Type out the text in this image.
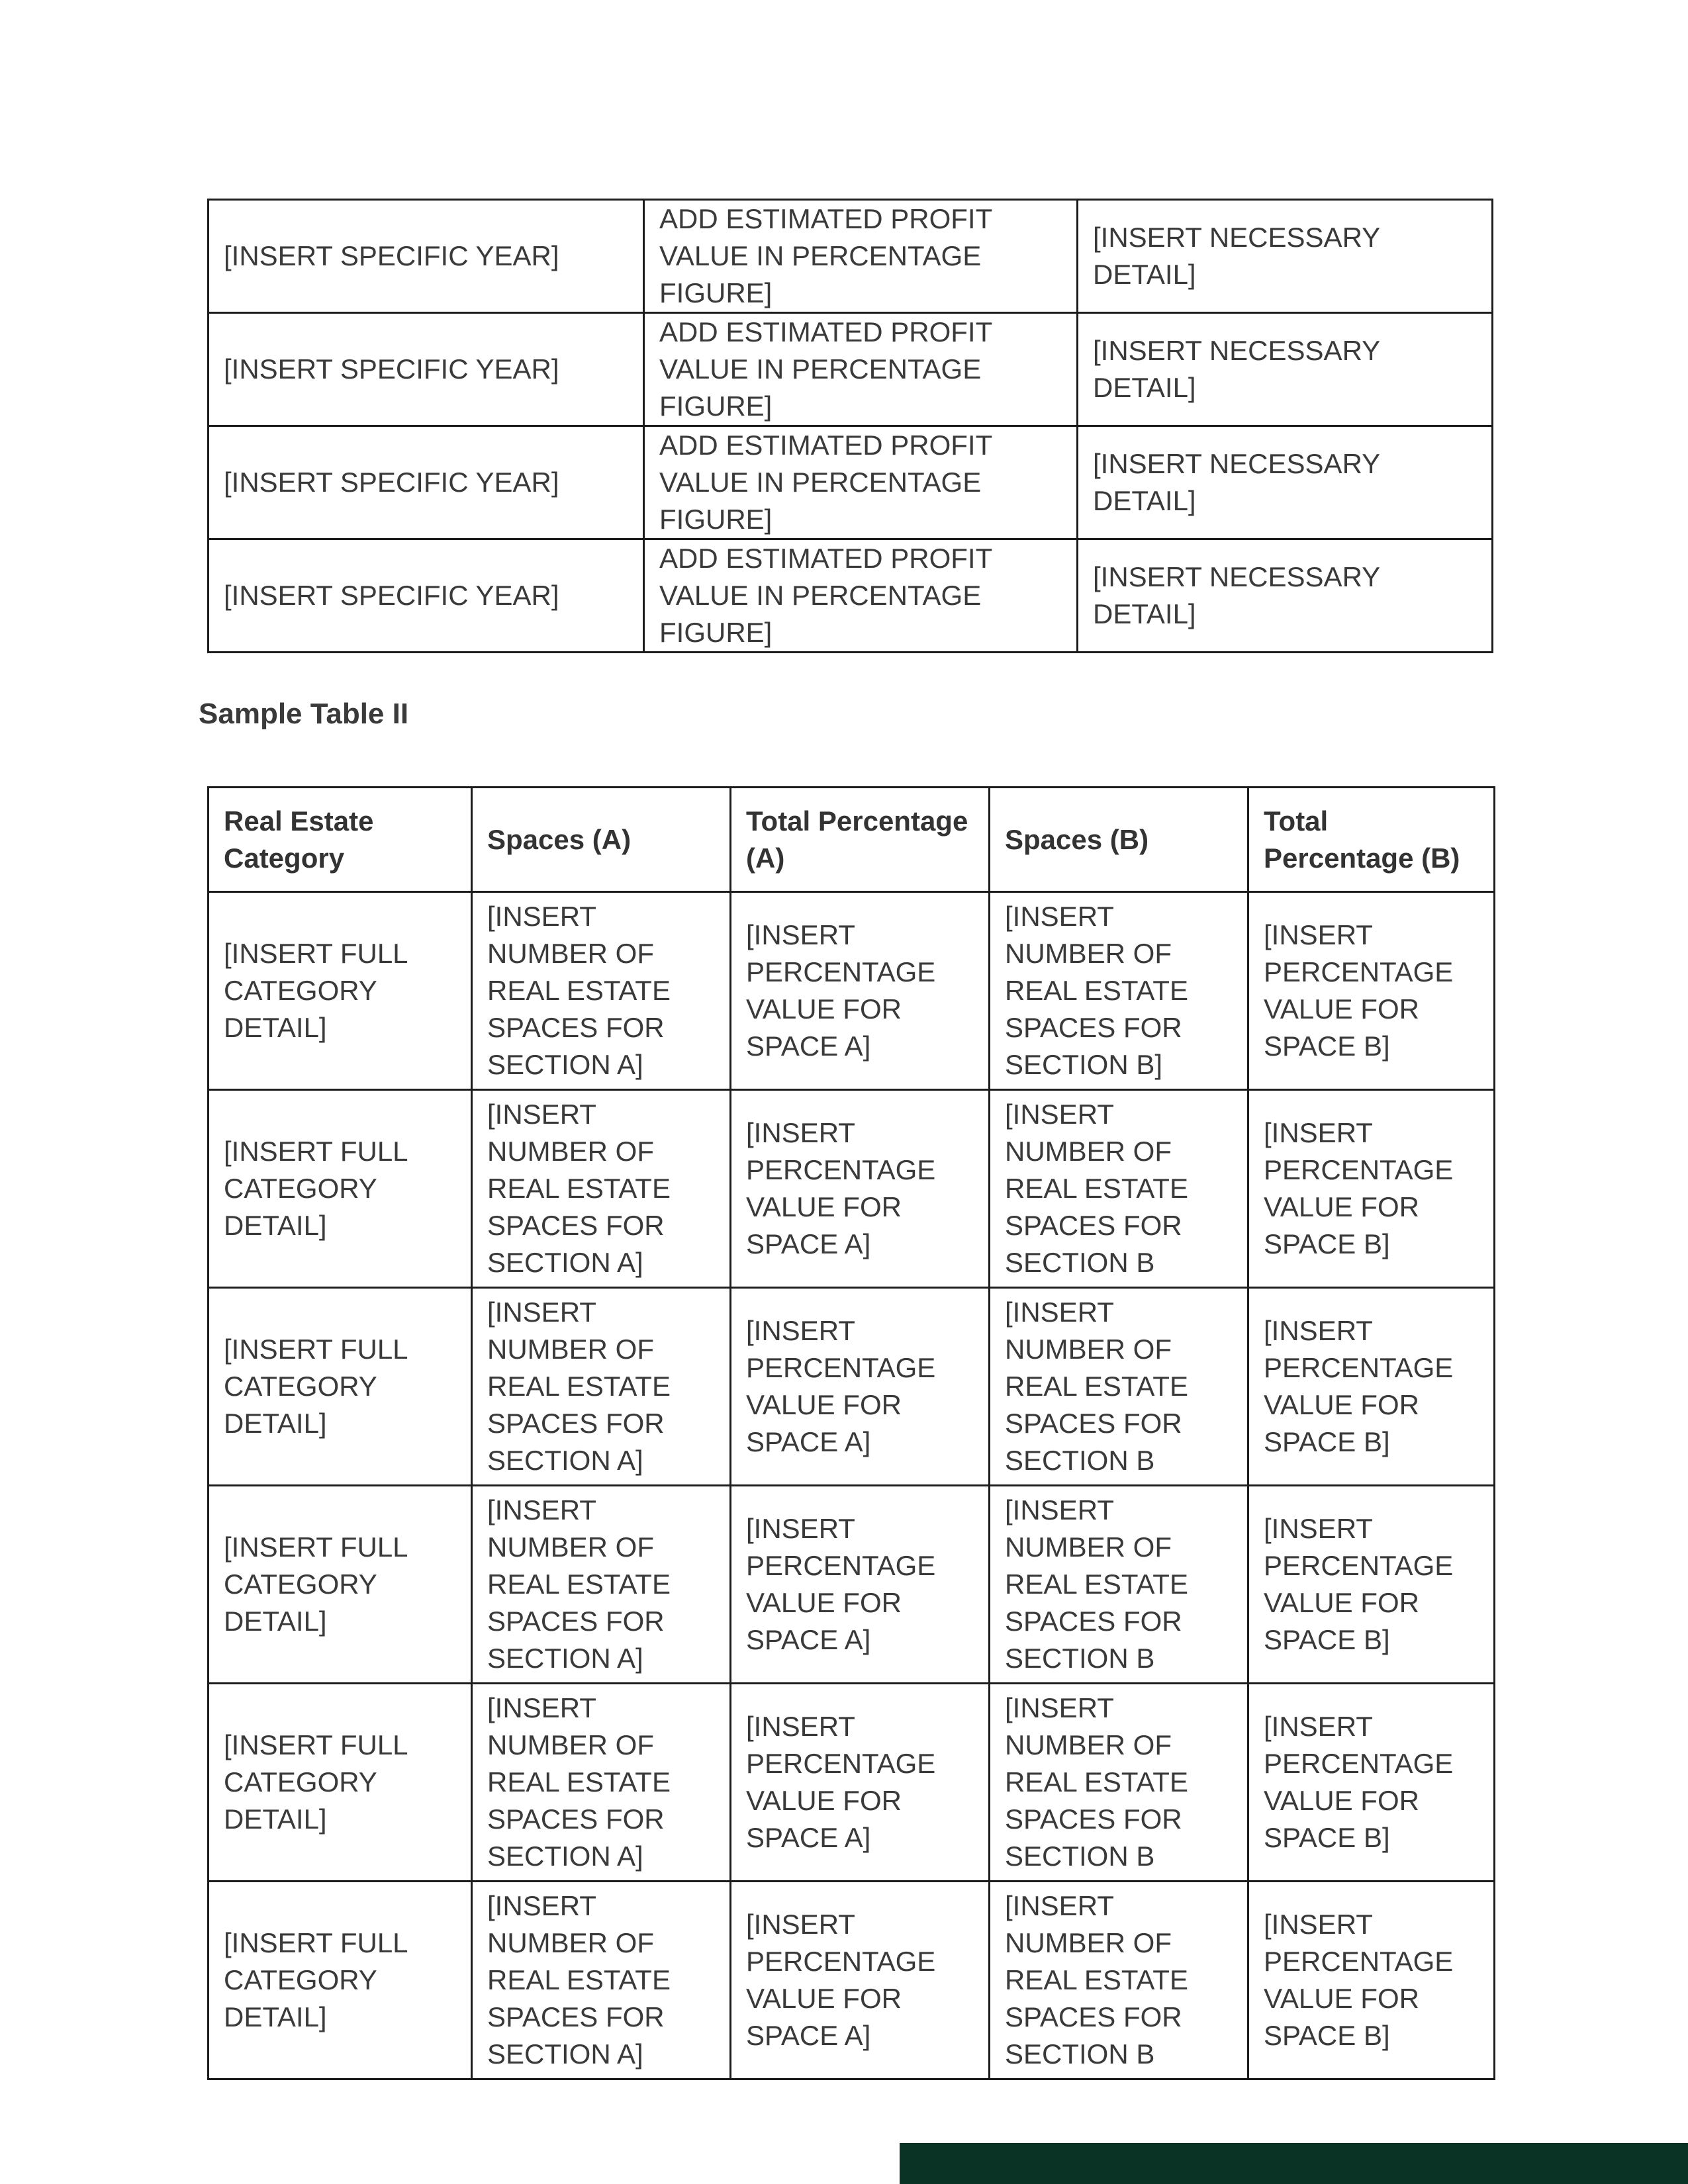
[INSERT SPECIFIC YEAR]	ADD ESTIMATED PROFIT VALUE IN PERCENTAGE FIGURE]	[INSERT NECESSARY DETAIL]
[INSERT SPECIFIC YEAR]	ADD ESTIMATED PROFIT VALUE IN PERCENTAGE FIGURE]	[INSERT NECESSARY DETAIL]
[INSERT SPECIFIC YEAR]	ADD ESTIMATED PROFIT VALUE IN PERCENTAGE FIGURE]	[INSERT NECESSARY DETAIL]
[INSERT SPECIFIC YEAR]	ADD ESTIMATED PROFIT VALUE IN PERCENTAGE FIGURE]	[INSERT NECESSARY DETAIL]
Sample Table II
Real Estate Category	Spaces (A)	Total Percentage (A)	Spaces (B)	Total Percentage (B)
[INSERT FULL CATEGORY DETAIL]	[INSERT NUMBER OF REAL ESTATE SPACES FOR SECTION A]	[INSERT PERCENTAGE VALUE FOR SPACE A]	[INSERT NUMBER OF REAL ESTATE SPACES FOR SECTION B]	[INSERT PERCENTAGE VALUE FOR SPACE B]
[INSERT FULL CATEGORY DETAIL]	[INSERT NUMBER OF REAL ESTATE SPACES FOR SECTION A]	[INSERT PERCENTAGE VALUE FOR SPACE A]	[INSERT NUMBER OF REAL ESTATE SPACES FOR SECTION B	[INSERT PERCENTAGE VALUE FOR SPACE B]
[INSERT FULL CATEGORY DETAIL]	[INSERT NUMBER OF REAL ESTATE SPACES FOR SECTION A]	[INSERT PERCENTAGE VALUE FOR SPACE A]	[INSERT NUMBER OF REAL ESTATE SPACES FOR SECTION B	[INSERT PERCENTAGE VALUE FOR SPACE B]
[INSERT FULL CATEGORY DETAIL]	[INSERT NUMBER OF REAL ESTATE SPACES FOR SECTION A]	[INSERT PERCENTAGE VALUE FOR SPACE A]	[INSERT NUMBER OF REAL ESTATE SPACES FOR SECTION B	[INSERT PERCENTAGE VALUE FOR SPACE B]
[INSERT FULL CATEGORY DETAIL]	[INSERT NUMBER OF REAL ESTATE SPACES FOR SECTION A]	[INSERT PERCENTAGE VALUE FOR SPACE A]	[INSERT NUMBER OF REAL ESTATE SPACES FOR SECTION B	[INSERT PERCENTAGE VALUE FOR SPACE B]
[INSERT FULL CATEGORY DETAIL]	[INSERT NUMBER OF REAL ESTATE SPACES FOR SECTION A]	[INSERT PERCENTAGE VALUE FOR SPACE A]	[INSERT NUMBER OF REAL ESTATE SPACES FOR SECTION B	[INSERT PERCENTAGE VALUE FOR SPACE B]
